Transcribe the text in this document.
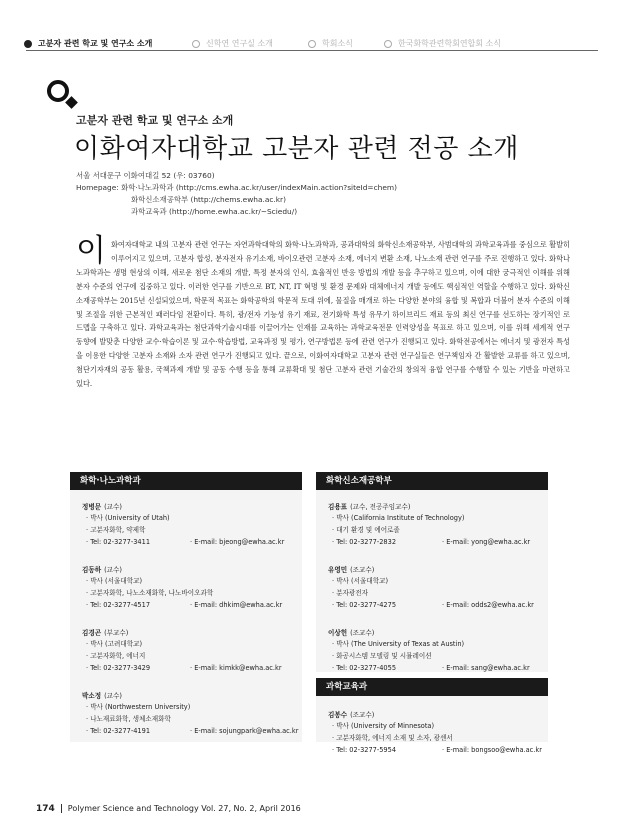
고분자 관련 학교 및 연구소 소개	신학연 연구실 소개	학회소식	한국화학관련학회연합회 소식
고분자 관련 학교 및 연구소 소개
이화여자대학교 고분자 관련 전공 소개
서울 서대문구 이화여대길 52 (우: 03760)
Homepage: 화학·나노과학과 (http://cms.ewha.ac.kr/user/indexMain.action?siteId=chem)
화학신소재공학부 (http://chems.ewha.ac.kr)
과학교육과 (http://home.ewha.ac.kr/~Sciedu/)
이화여자대학교 내의 고분자 관련 연구는 자연과학대학의 화학·나노과학과, 공과대학의 화학신소재공학부, 사범대학의 과학교육과를 중심으로 활발히 이루어지고 있으며, 고분자 합성, 분자전자 유기소재, 바이오관련 고분자 소재, 에너지 변환 소재, 나노소재 관련 연구를 주로 진행하고 있다. 화학나노과학과는 생명 현상의 이해, 새로운 첨단 소재의 개발, 특정 분자의 인식, 효율적인 반응 방법의 개발 등을 추구하고 있으며, 이에 대한 궁극적인 이해를 위해 분자 수준의 연구에 집중하고 있다. 이러한 연구를 기반으로 BT, NT, IT 혁명 및 환경 문제와 대체에너지 개발 등에도 핵심적인 역할을 수행하고 있다. 화학신소재공학부는 2015년 신설되었으며, 학문적 목표는 화학공학의 학문적 토대 위에, 물질을 매개로 하는 다양한 분야의 융합 및 복합과 더불어 분자 수준의 이해 및 조절을 위한 근본적인 패러다임 전환이다. 특히, 광/전자 기능성 유기 재료, 전기화학 특성 유무기 하이브리드 재료 등의 최신 연구를 선도하는 장기적인 로드맵을 구축하고 있다. 과학교육과는 첨단과학기술시대를 이끌어가는 인재를 교육하는 과학교육전문 인력양성을 목표로 하고 있으며, 이를 위해 세계적 연구 동향에 발맞춘 다양한 교수·학습이론 및 교수·학습방법, 교육과정 및 평가, 연구방법론 등에 관련 연구가 진행되고 있다. 화학전공에서는 에너지 및 광전자 특성을 이용한 다양한 고분자 소재와 소자 관련 연구가 진행되고 있다. 끝으로, 이화여자대학교 고분자 관련 연구실들은 연구책임자 간 활발한 교류를 하고 있으며, 첨단기자재의 공동 활용, 국책과제 개발 및 공동 수행 등을 통해 교류확대 및 첨단 고분자 관련 기술간의 창의적 융합 연구를 수행할 수 있는 기반을 마련하고 있다.
화학·나노과학과
정병문 (교수)
· 박사 (University of Utah)
· 고분자화학, 약제학
· Tel: 02-3277-3411	· E-mail: bjeong@ewha.ac.kr
김동하 (교수)
· 박사 (서울대학교)
· 고분자화학, 나노소재화학, 나노바이오과학
· Tel: 02-3277-4517	· E-mail: dhkim@ewha.ac.kr
김경곤 (부교수)
· 박사 (고려대학교)
· 고분자화학, 에너지
· Tel: 02-3277-3429	· E-mail: kimkk@ewha.ac.kr
박소정 (교수)
· 박사 (Northwestern University)
· 나노재료화학, 생체소재화학
· Tel: 02-3277-4191	· E-mail: sojungpark@ewha.ac.kr
화학신소재공학부
김용표 (교수, 전공주임교수)
· 박사 (California Institute of Technology)
· 대기 환경 및 에어로졸
· Tel: 02-3277-2832	· E-mail: yong@ewha.ac.kr
유영민 (조교수)
· 박사 (서울대학교)
· 분자광전자
· Tel: 02-3277-4275	· E-mail: odds2@ewha.ac.kr
이상헌 (조교수)
· 박사 (The University of Texas at Austin)
· 화공시스템 모델링 및 시뮬레이션
· Tel: 02-3277-4055	· E-mail: sang@ewha.ac.kr
과학교육과
김봉수 (조교수)
· 박사 (University of Minnesota)
· 고분자화학, 에너지 소재 및 소자, 광센서
· Tel: 02-3277-5954	· E-mail: bongsoo@ewha.ac.kr
174 Polymer Science and Technology Vol. 27, No. 2, April 2016
